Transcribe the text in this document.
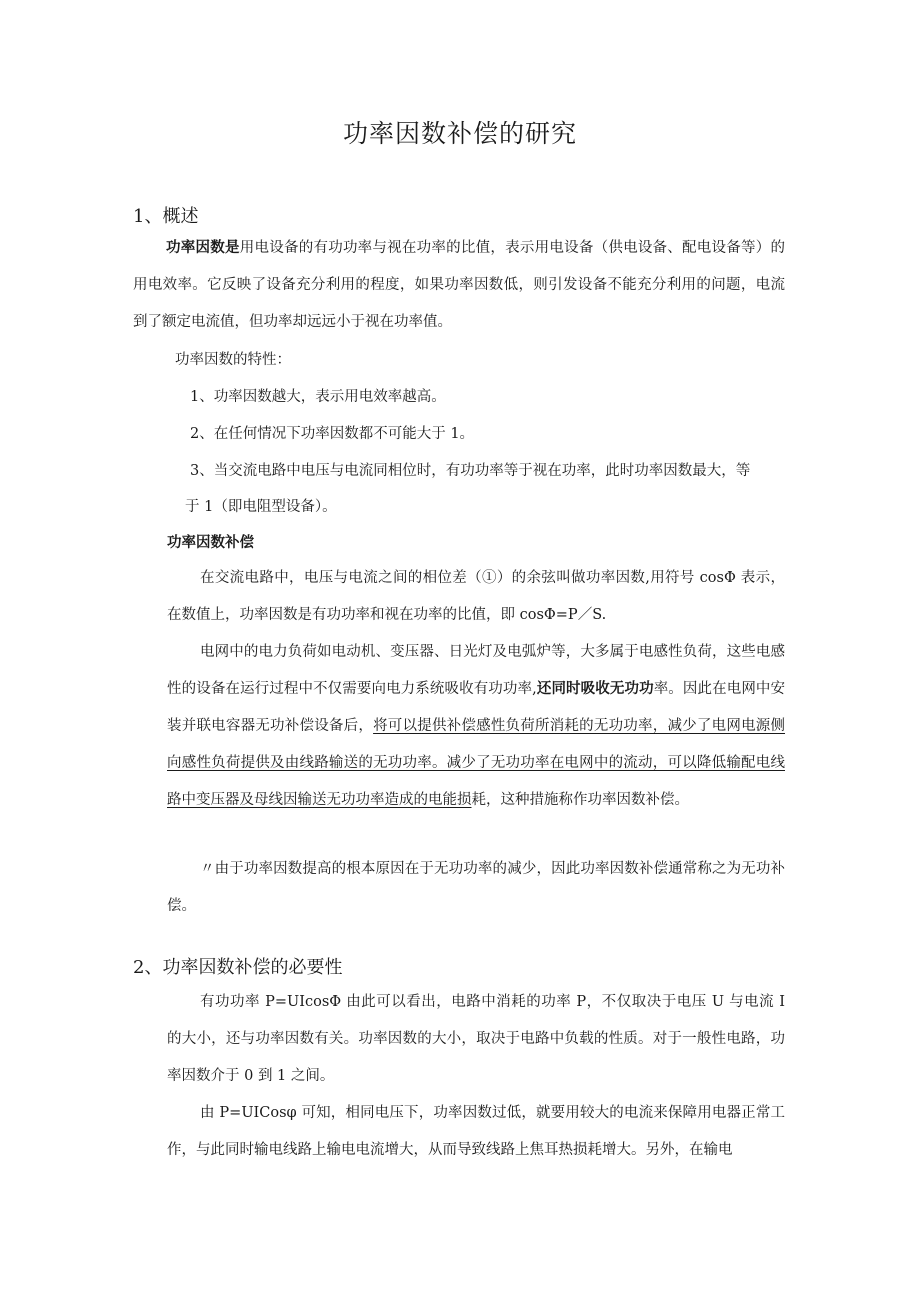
功率因数补偿的研究
1、概述
功率因数是用电设备的有功功率与视在功率的比值，表示用电设备（供电设备、配电设备等）的用电效率。它反映了设备充分利用的程度，如果功率因数低，则引发设备不能充分利用的问题，电流到了额定电流值，但功率却远远小于视在功率值。
功率因数的特性：
1、功率因数越大，表示用电效率越高。
2、在任何情况下功率因数都不可能大于 1。
3、当交流电路中电压与电流同相位时，有功功率等于视在功率，此时功率因数最大，等
于 1（即电阻型设备）。
功率因数补偿
在交流电路中，电压与电流之间的相位差（①）的余弦叫做功率因数,用符号 cosΦ 表示，在数值上，功率因数是有功功率和视在功率的比值，即 cosΦ=P／S.
电网中的电力负荷如电动机、变压器、日光灯及电弧炉等，大多属于电感性负荷，这些电感性的设备在运行过程中不仅需要向电力系统吸收有功功率,还同时吸收无功功率。因此在电网中安装并联电容器无功补偿设备后，将可以提供补偿感性负荷所消耗的无功功率，减少了电网电源侧向感性负荷提供及由线路输送的无功功率。减少了无功功率在电网中的流动，可以降低输配电线路中变压器及母线因输送无功功率造成的电能损耗，这种措施称作功率因数补偿。
〃由于功率因数提高的根本原因在于无功功率的减少，因此功率因数补偿通常称之为无功补偿。
2、功率因数补偿的必要性
有功功率 P=UIcosΦ 由此可以看出，电路中消耗的功率 P，不仅取决于电压 U 与电流 I 的大小，还与功率因数有关。功率因数的大小，取决于电路中负载的性质。对于一般性电路，功率因数介于 0 到 1 之间。
由 P=UICosφ 可知，相同电压下，功率因数过低，就要用较大的电流来保障用电器正常工作，与此同时输电线路上输电电流增大，从而导致线路上焦耳热损耗增大。另外，在输电
